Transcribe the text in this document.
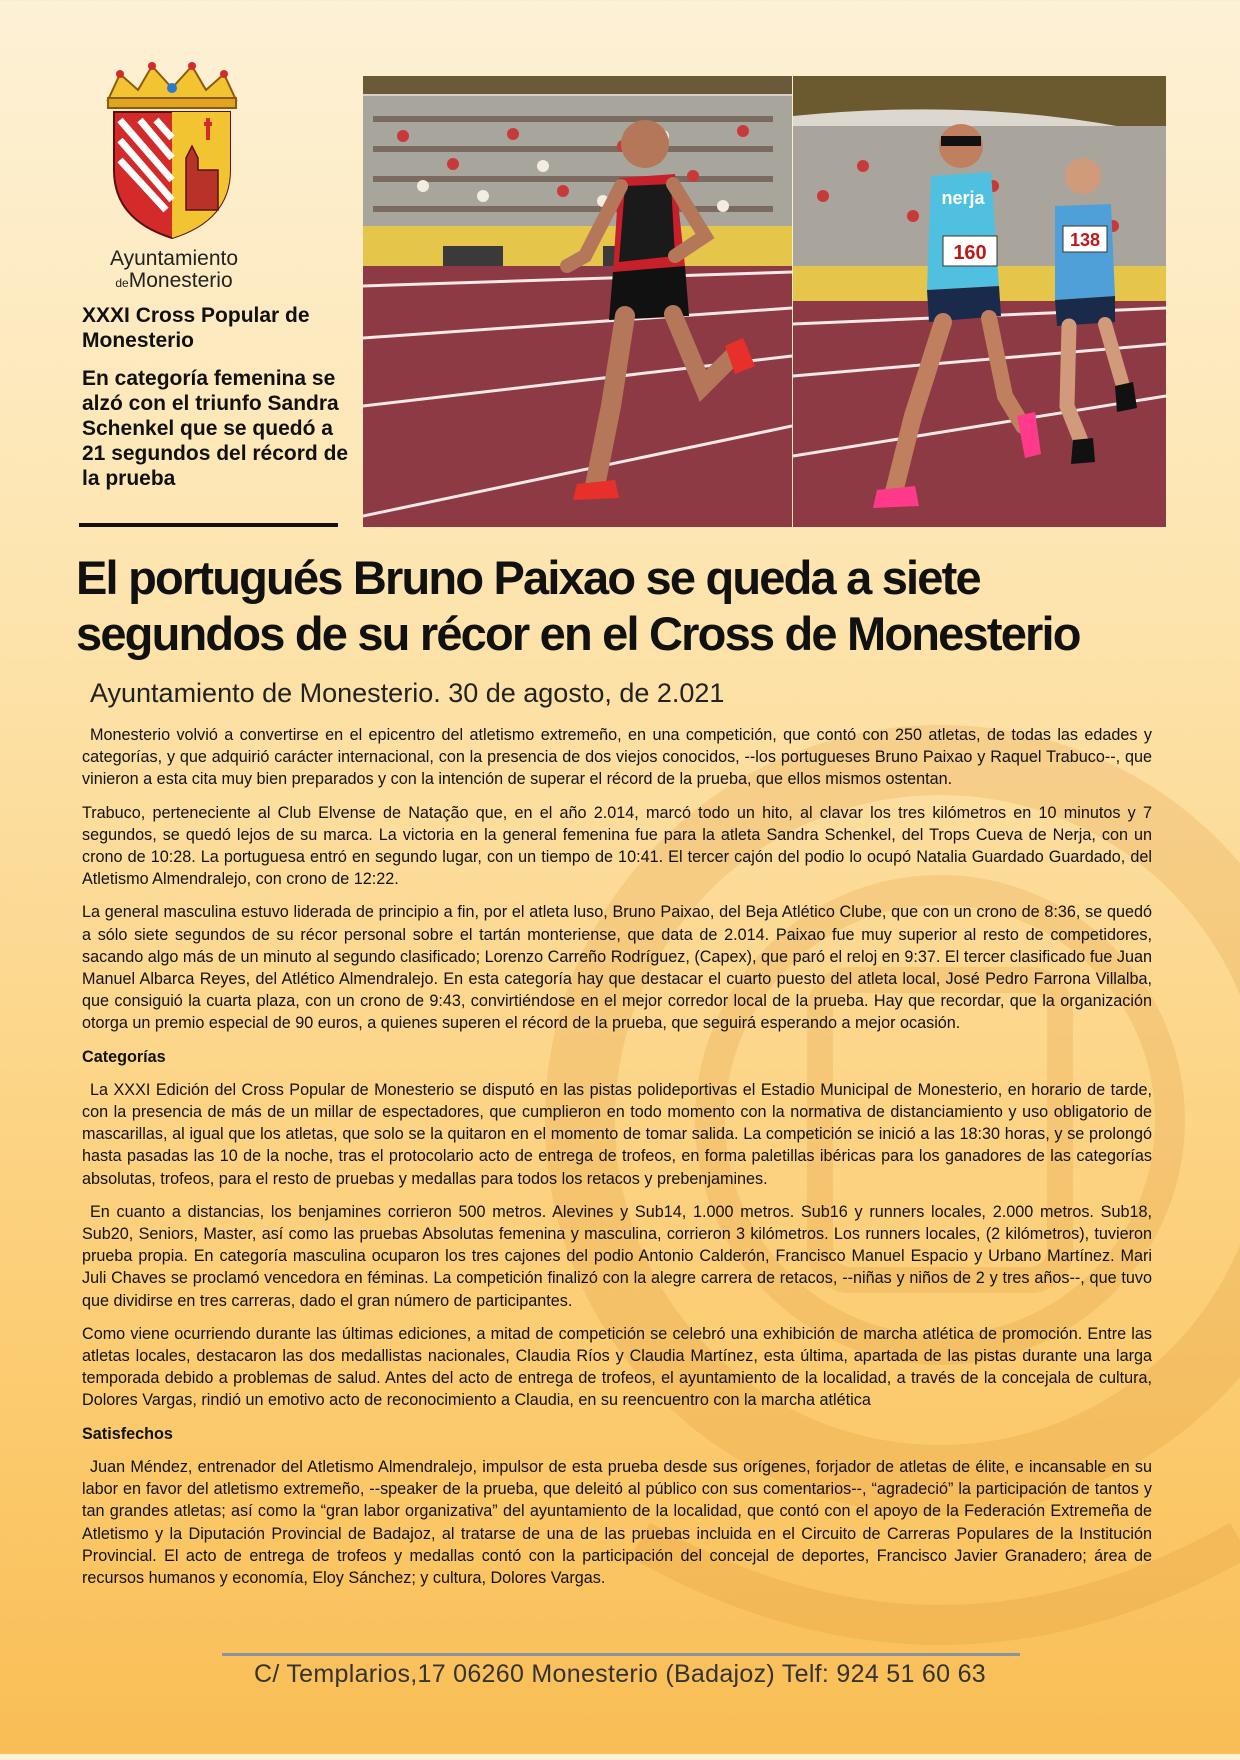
Ayuntamiento
deMonesterio
XXXI Cross Popular de Monesterio
En categoría femenina se alzó con el triunfo Sandra Schenkel que se quedó a 21 segundos del récord de la prueba
160
nerja
138
El portugués Bruno Paixao se queda a siete segundos de su récor en el Cross de Monesterio
Ayuntamiento de Monesterio. 30 de agosto, de 2.021

Monesterio volvió a convertirse en el epicentro del atletismo extremeño, en una competición, que contó con 250 atletas, de todas las edades y categorías, y que adquirió carácter internacional, con la presencia de dos viejos conocidos, --los portugueses Bruno Paixao y Raquel Trabuco--, que vinieron a esta cita muy bien preparados y con la intención de superar el récord de la prueba, que ellos mismos ostentan.

Trabuco, perteneciente al Club Elvense de Natação que, en el año 2.014, marcó todo un hito, al clavar los tres kilómetros en 10 minutos y 7 segundos, se quedó lejos de su marca. La victoria en la general femenina fue para la atleta Sandra Schenkel, del Trops Cueva de Nerja, con un crono de 10:28. La portuguesa entró en segundo lugar, con un tiempo de 10:41. El tercer cajón del podio lo ocupó Natalia Guardado Guardado, del Atletismo Almendralejo, con crono de 12:22.

La general masculina estuvo liderada de principio a fin, por el atleta luso, Bruno Paixao, del Beja Atlético Clube, que con un crono de 8:36, se quedó a sólo siete segundos de su récor personal sobre el tartán monteriense, que data de 2.014. Paixao fue muy superior al resto de competidores, sacando algo más de un minuto al segundo clasificado; Lorenzo Carreño Rodríguez, (Capex), que paró el reloj en 9:37. El tercer clasificado fue Juan Manuel Albarca Reyes, del Atlético Almendralejo. En esta categoría hay que destacar el cuarto puesto del atleta local, José Pedro Farrona Villalba, que consiguió la cuarta plaza, con un crono de 9:43, convirtiéndose en el mejor corredor local de la prueba. Hay que recordar, que la organización otorga un premio especial de 90 euros, a quienes superen el récord de la prueba, que seguirá esperando a mejor ocasión.

Categorías

La XXXI Edición del Cross Popular de Monesterio se disputó en las pistas polideportivas el Estadio Municipal de Monesterio, en horario de tarde, con la presencia de más de un millar de espectadores, que cumplieron en todo momento con la normativa de distanciamiento y uso obligatorio de mascarillas, al igual que los atletas, que solo se la quitaron en el momento de tomar salida. La competición se inició a las 18:30 horas, y se prolongó hasta pasadas las 10 de la noche, tras el protocolario acto de entrega de trofeos, en forma paletillas ibéricas para los ganadores de las categorías absolutas, trofeos, para el resto de pruebas y medallas para todos los retacos y prebenjamines.

En cuanto a distancias, los benjamines corrieron 500 metros. Alevines y Sub14, 1.000 metros. Sub16 y runners locales, 2.000 metros. Sub18, Sub20, Seniors, Master, así como las pruebas Absolutas femenina y masculina, corrieron 3 kilómetros. Los runners locales, (2 kilómetros), tuvieron prueba propia. En categoría masculina ocuparon los tres cajones del podio Antonio Calderón, Francisco Manuel Espacio y Urbano Martínez. Mari Juli Chaves se proclamó vencedora en féminas. La competición finalizó con la alegre carrera de retacos, --niñas y niños de 2 y tres años--, que tuvo que dividirse en tres carreras, dado el gran número de participantes.

Como viene ocurriendo durante las últimas ediciones, a mitad de competición se celebró una exhibición de marcha atlética de promoción. Entre las atletas locales, destacaron las dos medallistas nacionales, Claudia Ríos y Claudia Martínez, esta última, apartada de las pistas durante una larga temporada debido a problemas de salud. Antes del acto de entrega de trofeos, el ayuntamiento de la localidad, a través de la concejala de cultura, Dolores Vargas, rindió un emotivo acto de reconocimiento a Claudia, en su reencuentro con la marcha atlética

Satisfechos

Juan Méndez, entrenador del Atletismo Almendralejo, impulsor de esta prueba desde sus orígenes, forjador de atletas de élite, e incansable en su labor en favor del atletismo extremeño, --speaker de la prueba, que deleitó al público con sus comentarios--, “agradeció” la participación de tantos y tan grandes atletas; así como la “gran labor organizativa” del ayuntamiento de la localidad, que contó con el apoyo de la Federación Extremeña de Atletismo y la Diputación Provincial de Badajoz, al tratarse de una de las pruebas incluida en el Circuito de Carreras Populares de la Institución Provincial. El acto de entrega de trofeos y medallas contó con la participación del concejal de deportes, Francisco Javier Granadero; área de recursos humanos y economía, Eloy Sánchez; y cultura, Dolores Vargas.

C/ Templarios,17 06260 Monesterio (Badajoz) Telf: 924 51 60 63
